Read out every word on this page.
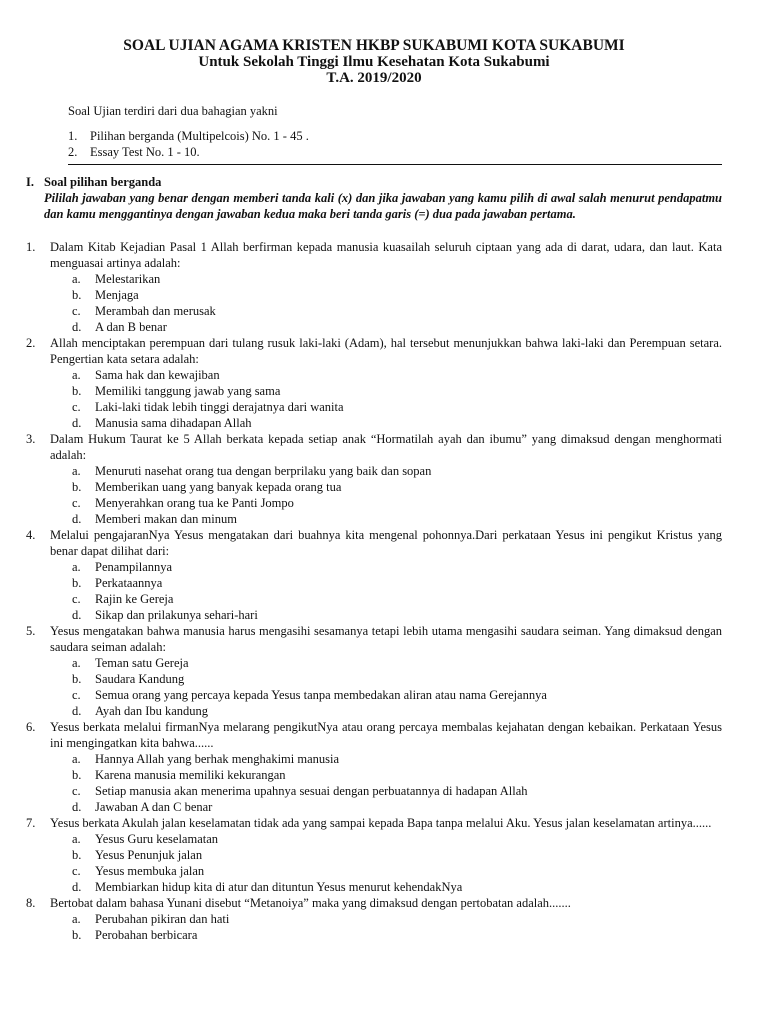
SOAL UJIAN AGAMA KRISTEN HKBP SUKABUMI KOTA SUKABUMI
Untuk Sekolah Tinggi Ilmu Kesehatan Kota Sukabumi
T.A. 2019/2020
Soal Ujian terdiri dari dua bahagian yakni
1.	Pilihan berganda (Multipelcois) No. 1 - 45 .
2.	Essay Test No. 1 - 10.
I. Soal pilihan berganda
Pililah jawaban yang benar dengan memberi tanda kali (x) dan jika jawaban yang kamu pilih di awal salah menurut pendapatmu dan kamu menggantinya dengan jawaban kedua maka beri tanda garis (=) dua pada jawaban pertama.
1.	Dalam Kitab Kejadian Pasal 1 Allah berfirman kepada manusia kuasailah seluruh ciptaan yang ada di darat, udara, dan laut. Kata menguasai artinya adalah:
a.	Melestarikan
b.	Menjaga
c.	Merambah dan merusak
d.	A dan B benar
2.	Allah menciptakan perempuan dari tulang rusuk laki-laki (Adam), hal tersebut menunjukkan bahwa laki-laki dan Perempuan setara. Pengertian kata setara adalah:
a.	Sama hak dan kewajiban
b.	Memiliki tanggung jawab yang sama
c.	Laki-laki tidak lebih tinggi derajatnya dari wanita
d.	Manusia sama dihadapan Allah
3.	Dalam Hukum Taurat ke 5 Allah berkata kepada setiap anak “Hormatilah ayah dan ibumu” yang dimaksud dengan menghormati adalah:
a.	Menuruti nasehat orang tua dengan berprilaku yang baik dan sopan
b.	Memberikan uang yang banyak kepada orang tua
c.	Menyerahkan orang tua ke Panti Jompo
d.	Memberi makan dan minum
4.	Melalui pengajaranNya Yesus mengatakan dari buahnya kita mengenal pohonnya.Dari perkataan Yesus ini pengikut Kristus yang benar dapat dilihat dari:
a.	Penampilannya
b.	Perkataannya
c.	Rajin ke Gereja
d.	Sikap dan prilakunya sehari-hari
5.	Yesus mengatakan bahwa manusia harus mengasihi sesamanya tetapi lebih utama mengasihi saudara seiman. Yang dimaksud dengan saudara seiman adalah:
a.	Teman satu Gereja
b.	Saudara Kandung
c.	Semua orang yang percaya kepada Yesus tanpa membedakan aliran atau nama Gerejannya
d.	Ayah dan Ibu kandung
6.	Yesus berkata melalui firmanNya melarang pengikutNya atau orang percaya membalas kejahatan dengan kebaikan. Perkataan Yesus ini mengingatkan kita bahwa......
a.	Hannya Allah yang berhak menghakimi manusia
b.	Karena manusia memiliki kekurangan
c.	Setiap manusia akan menerima upahnya sesuai dengan perbuatannya di hadapan Allah
d.	Jawaban A dan C benar
7.	Yesus berkata Akulah jalan keselamatan tidak ada yang sampai kepada Bapa tanpa melalui Aku. Yesus jalan keselamatan artinya......
a.	Yesus Guru keselamatan
b.	Yesus Penunjuk jalan
c.	Yesus membuka jalan
d.	Membiarkan hidup kita di atur dan dituntun Yesus menurut kehendakNya
8.	Bertobat dalam bahasa Yunani disebut “Metanoiya” maka yang dimaksud dengan pertobatan adalah.......
a.	Perubahan pikiran dan hati
b.	Perobahan berbicara
